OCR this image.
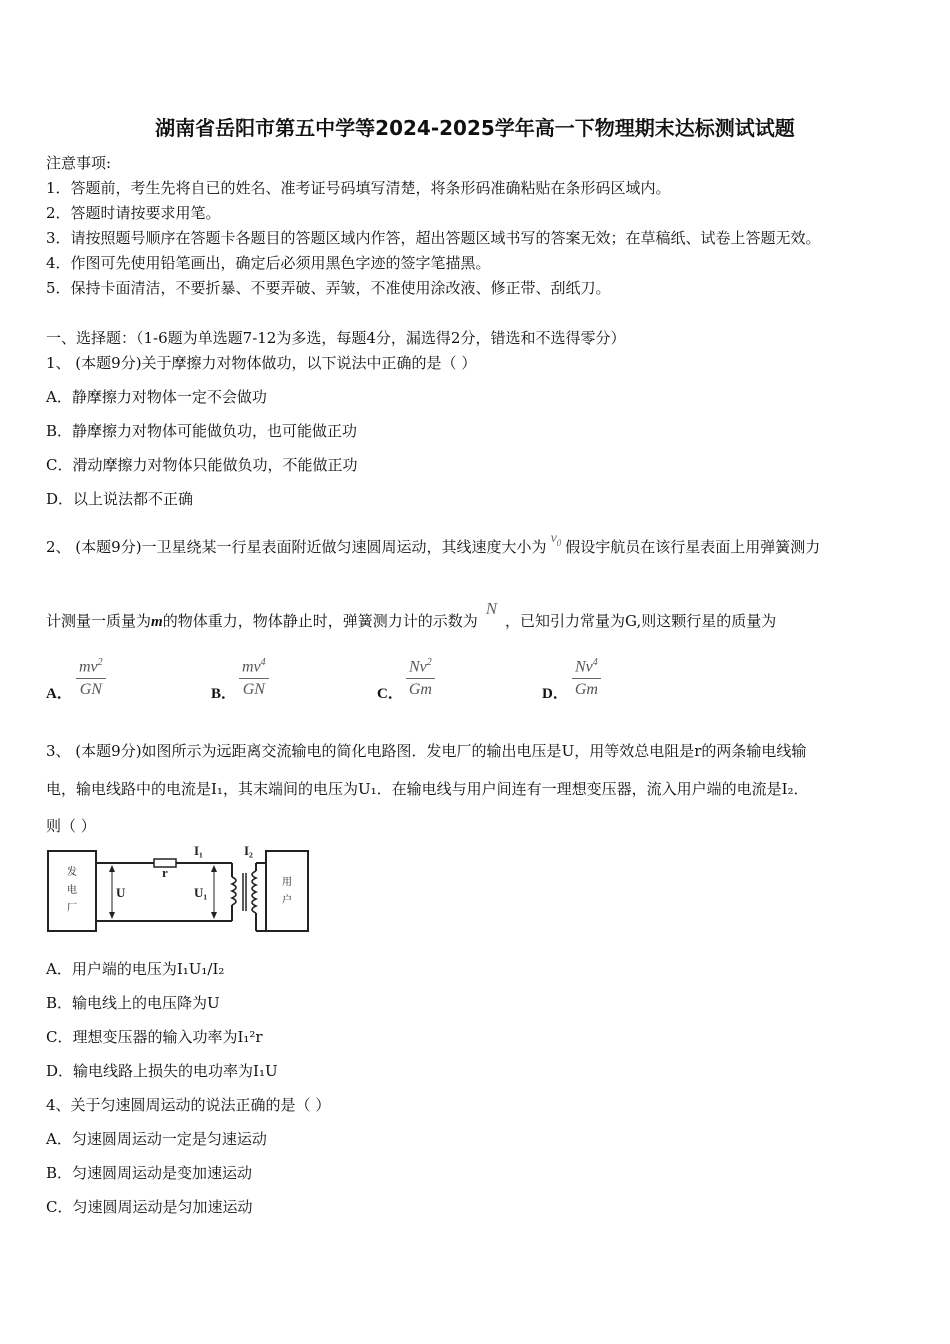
湖南省岳阳市第五中学等2024-2025学年高一下物理期末达标测试试题
注意事项:
1．答题前，考生先将自已的姓名、准考证号码填写清楚，将条形码准确粘贴在条形码区域内。
2．答题时请按要求用笔。
3．请按照题号顺序在答题卡各题目的答题区域内作答，超出答题区域书写的答案无效；在草稿纸、试卷上答题无效。
4．作图可先使用铅笔画出，确定后必须用黑色字迹的签字笔描黑。
5．保持卡面清洁，不要折暴、不要弄破、弄皱，不准使用涂改液、修正带、刮纸刀。
一、选择题：（1-6题为单选题7-12为多选，每题4分，漏选得2分，错选和不选得零分）
1、 (本题9分)关于摩擦力对物体做功，以下说法中正确的是（ ）
A．静摩擦力对物体一定不会做功
B．静摩擦力对物体可能做负功，也可能做正功
C．滑动摩擦力对物体只能做负功，不能做正功
D．以上说法都不正确
2、 (本题9分)一卫星绕某一行星表面附近做匀速圆周运动，其线速度大小为 $v_0$ 假设宇航员在该行星表面上用弹簧测力
计测量一质量为m的物体重力，物体静止时，弹簧测力计的示数为N，已知引力常量为G,则这颗行星的质量为
A．
$mv^2$
GN	B．
$mv^4$
GN	C．
Nv$^2$
Gm	D．
Nv$^4$
Gm
3、 (本题9分)如图所示为远距离交流输电的简化电路图．发电厂的输出电压是U，用等效总电阻是r的两条输电线输
电，输电线路中的电流是I₁，其末端间的电压为U₁．在输电线与用户间连有一理想变压器，流入用户端的电流是I₂．
则（ ）
发
电
厂
用
户
I₁	I₂
r
U	U₁
A．用户端的电压为I₁U₁/I₂
B．输电线上的电压降为U
C．理想变压器的输入功率为I₁²r
D．输电线路上损失的电功率为I₁U
4、关于匀速圆周运动的说法正确的是（ ）
A．匀速圆周运动一定是匀速运动
B．匀速圆周运动是变加速运动
C．匀速圆周运动是匀加速运动
